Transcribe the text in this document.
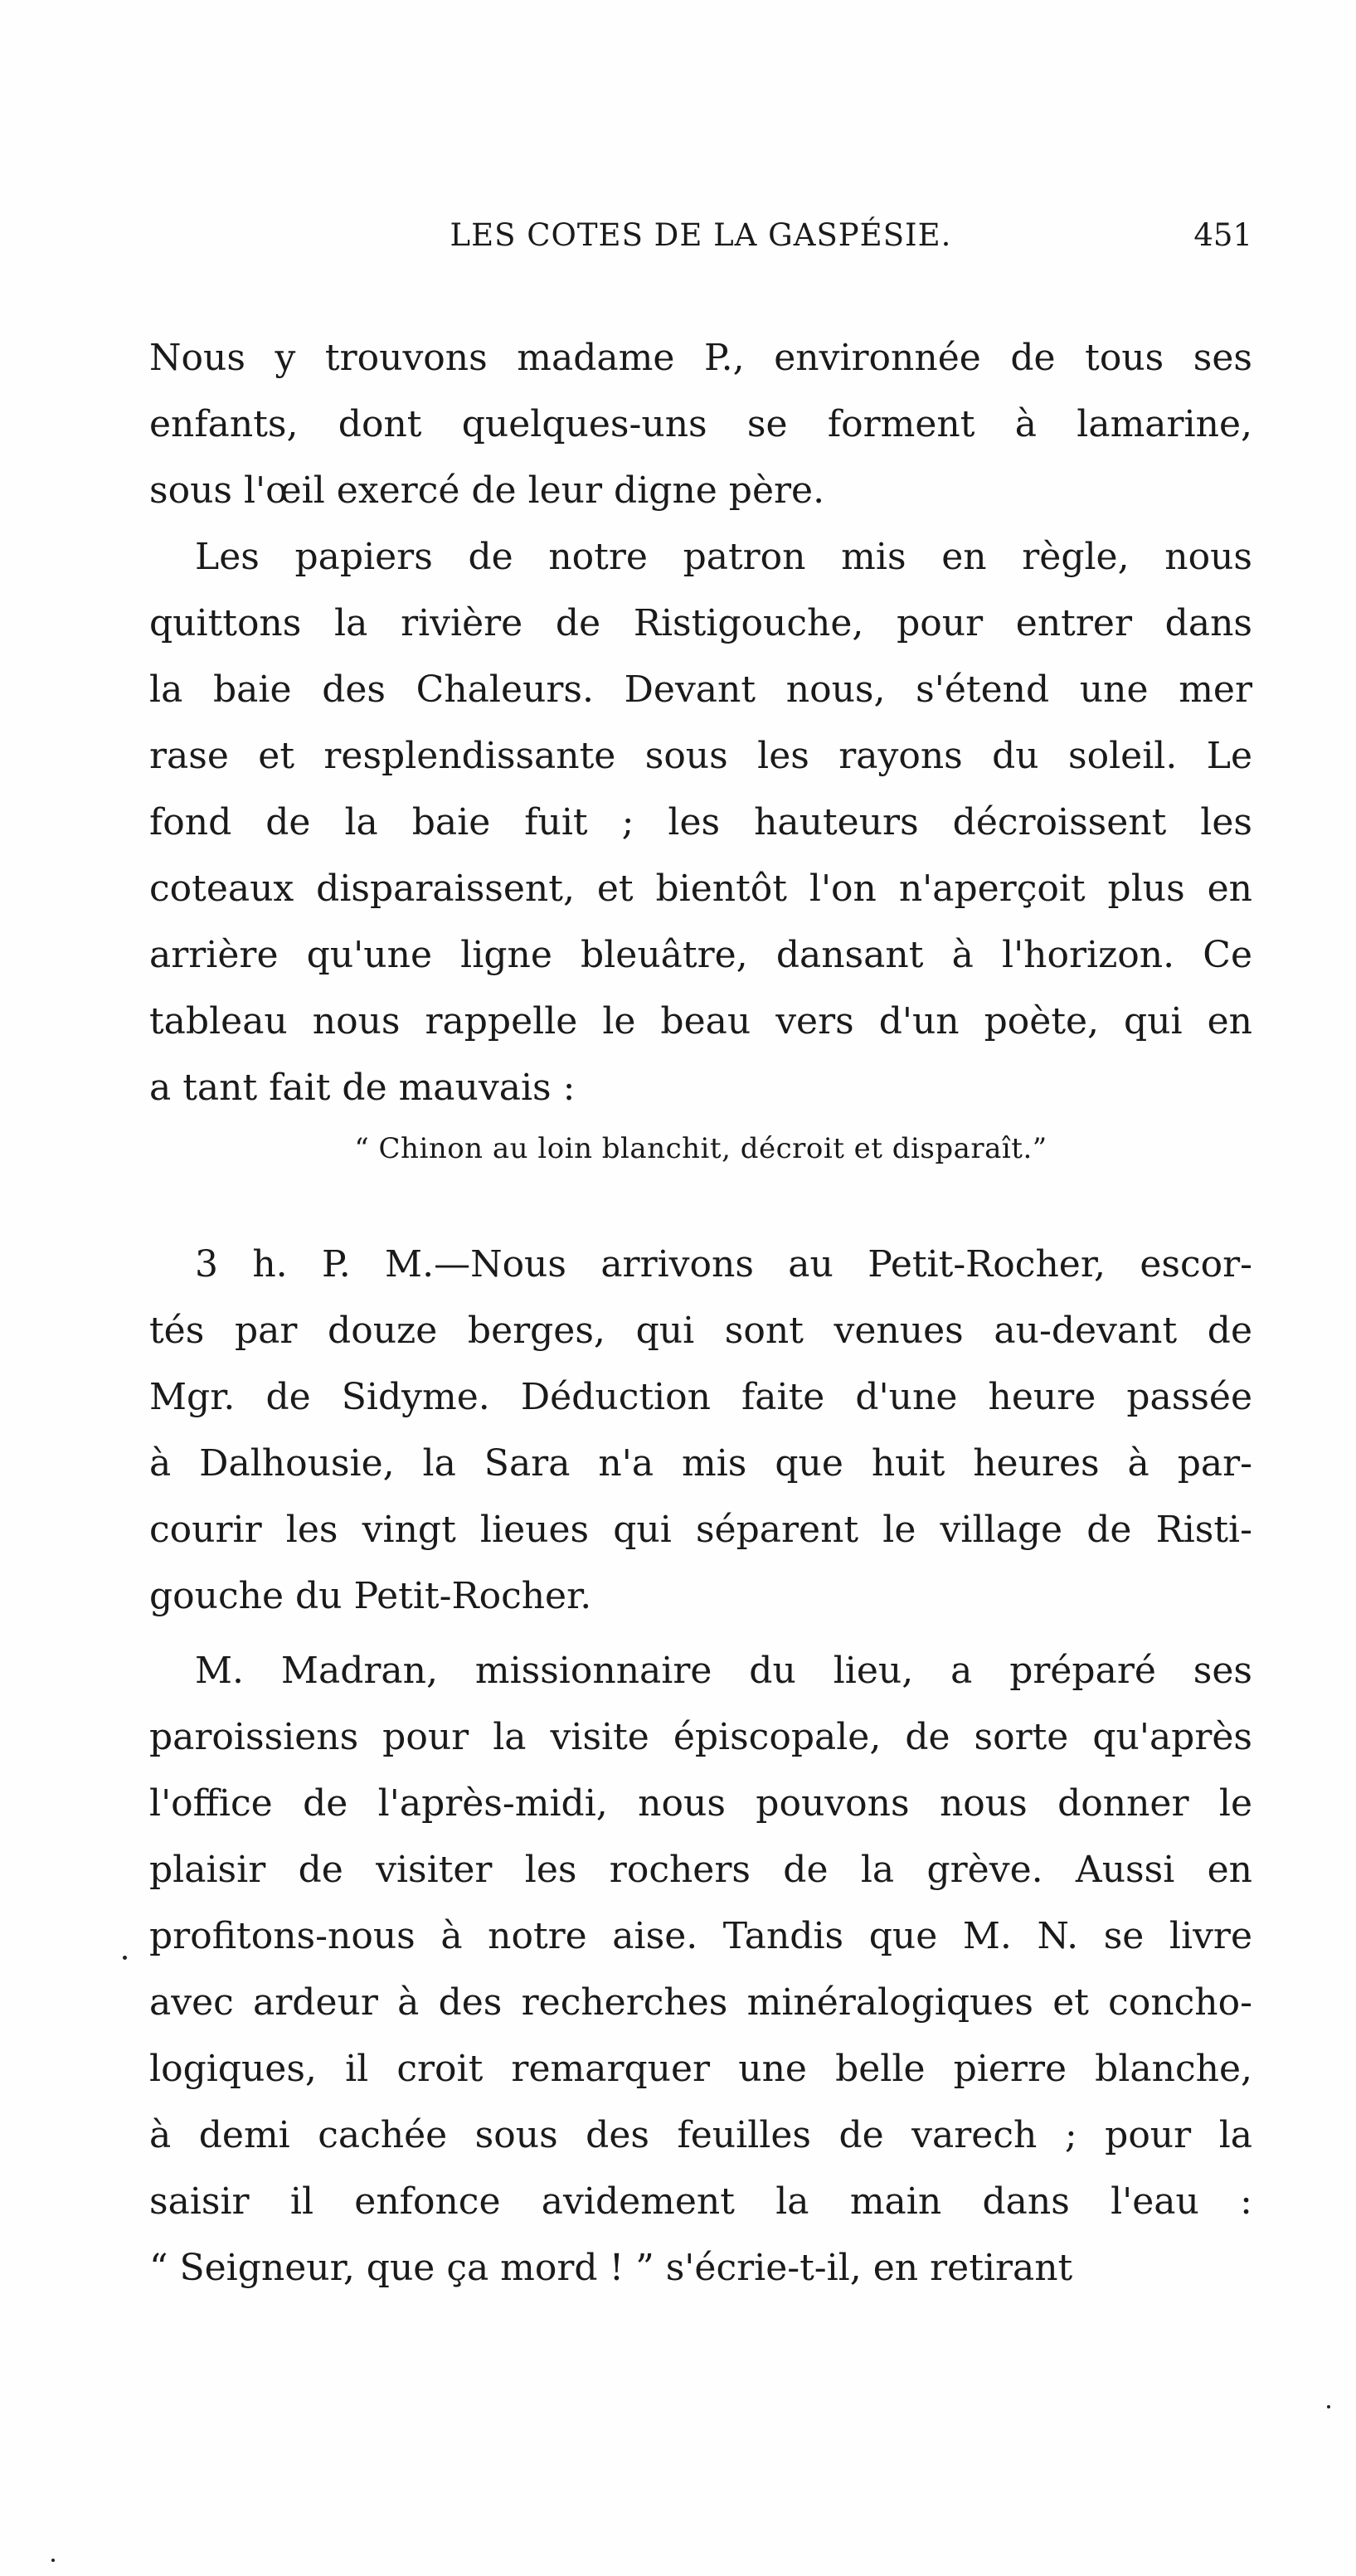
LES COTES DE LA GASPÉSIE.	451
Nous y trouvons madame P., environnée de tous ses
enfants, dont quelques-uns se forment à lamarine,
sous l'œil exercé de leur digne père.
Les papiers de notre patron mis en règle, nous
quittons la rivière de Ristigouche, pour entrer dans
la baie des Chaleurs. Devant nous, s'étend une mer
rase et resplendissante sous les rayons du soleil. Le
fond de la baie fuit ; les hauteurs décroissent les
coteaux disparaissent, et bientôt l'on n'aperçoit plus en
arrière qu'une ligne bleuâtre, dansant à l'horizon. Ce
tableau nous rappelle le beau vers d'un poète, qui en
a tant fait de mauvais :
“ Chinon au loin blanchit, décroit et disparaît.”
3 h. P. M.—Nous arrivons au Petit-Rocher, escor-
tés par douze berges, qui sont venues au-devant de
Mgr. de Sidyme. Déduction faite d'une heure passée
à Dalhousie, la Sara n'a mis que huit heures à par-
courir les vingt lieues qui séparent le village de Risti-
gouche du Petit-Rocher.
M. Madran, missionnaire du lieu, a préparé ses
paroissiens pour la visite épiscopale, de sorte qu'après
l'office de l'après-midi, nous pouvons nous donner le
plaisir de visiter les rochers de la grève. Aussi en
profitons-nous à notre aise. Tandis que M. N. se livre
avec ardeur à des recherches minéralogiques et concho-
logiques, il croit remarquer une belle pierre blanche,
à demi cachée sous des feuilles de varech ; pour la
saisir il enfonce avidement la main dans l'eau :
“ Seigneur, que ça mord ! ” s'écrie-t-il, en retirant
